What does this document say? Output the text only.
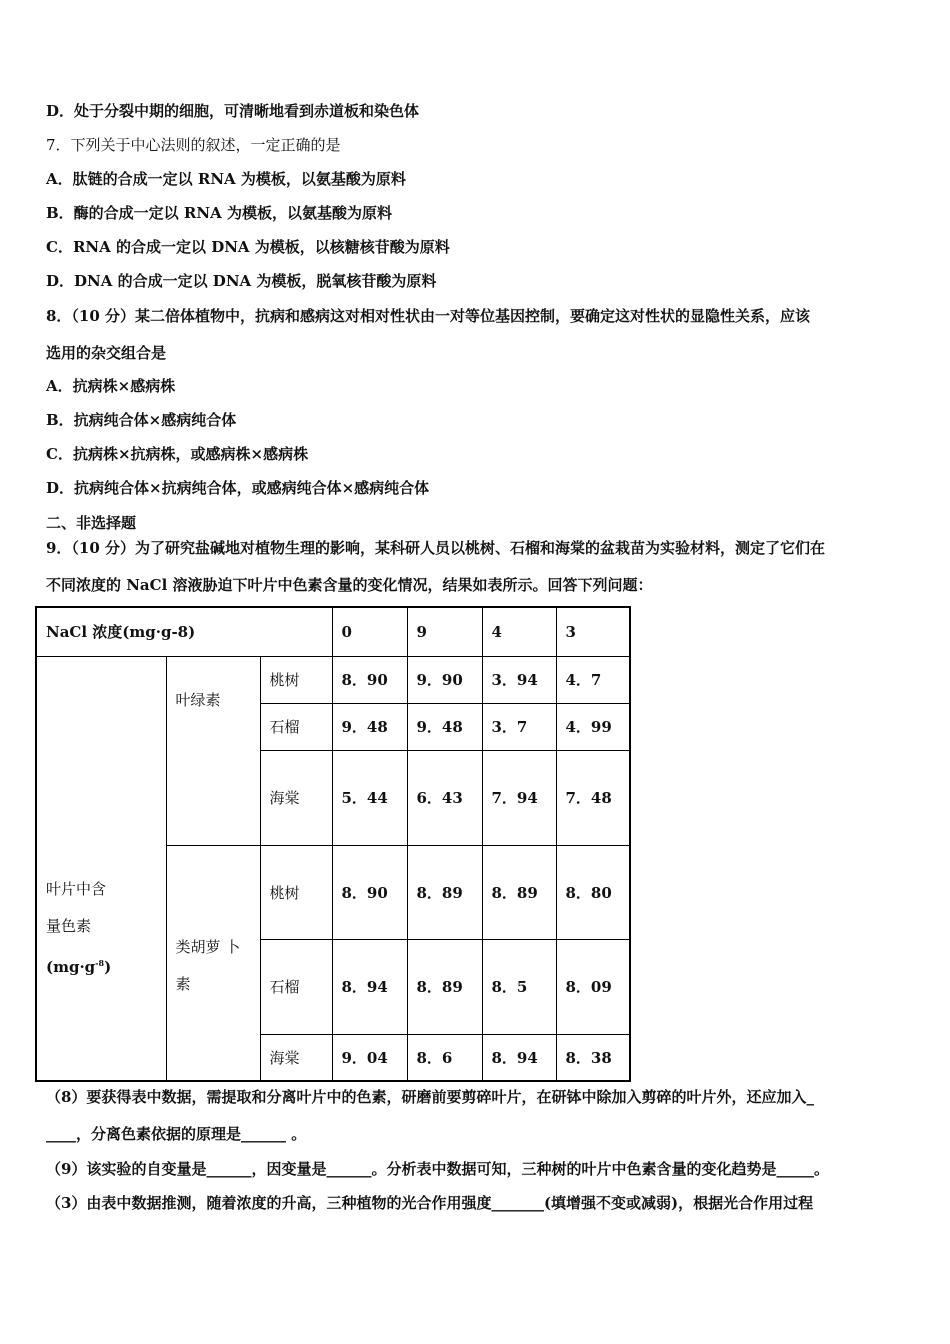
D．处于分裂中期的细胞，可清晰地看到赤道板和染色体
7．下列关于中心法则的叙述，一定正确的是
A．肽链的合成一定以 RNA 为模板，以氨基酸为原料
B．酶的合成一定以 RNA 为模板，以氨基酸为原料
C．RNA 的合成一定以 DNA 为模板，以核糖核苷酸为原料
D．DNA 的合成一定以 DNA 为模板，脱氧核苷酸为原料
8．（10 分）某二倍体植物中，抗病和感病这对相对性状由一对等位基因控制，要确定这对性状的显隐性关系，应该
选用的杂交组合是
A．抗病株×感病株
B．抗病纯合体×感病纯合体
C．抗病株×抗病株，或感病株×感病株
D．抗病纯合体×抗病纯合体，或感病纯合体×感病纯合体
二、非选择题
9．（10 分）为了研究盐碱地对植物生理的影响，某科研人员以桃树、石榴和海棠的盆栽苗为实验材料，测定了它们在
不同浓度的 NaCl 溶液胁迫下叶片中色素含量的变化情况，结果如表所示。回答下列问题：
NaCl 浓度(mg·g-8)			0	9	4	3

叶片中含
量色素
$(mg\cdot g^{-8})$	叶绿素	桃树	8．90	9．90	3．94	4．7
		石榴	9．48	9．48	3．7	4．99
		海棠	5．44	6．43	7．94	7．48

	类胡萝 卜
素	桃树	8．90	8．89	8．89	8．80
		石榴	8．94	8．89	8．5	8．09
		海棠	9．04	8．6	8．94	8．38
（8）要获得表中数据，需提取和分离叶片中的色素，研磨前要剪碎叶片，在研钵中除加入剪碎的叶片外，还应加入_
____，分离色素依据的原理是______ 。
（9）该实验的自变量是______，因变量是______。分析表中数据可知，三种树的叶片中色素含量的变化趋势是_____。
（3）由表中数据推测，随着浓度的升高，三种植物的光合作用强度_______(填增强不变或减弱)，根据光合作用过程
